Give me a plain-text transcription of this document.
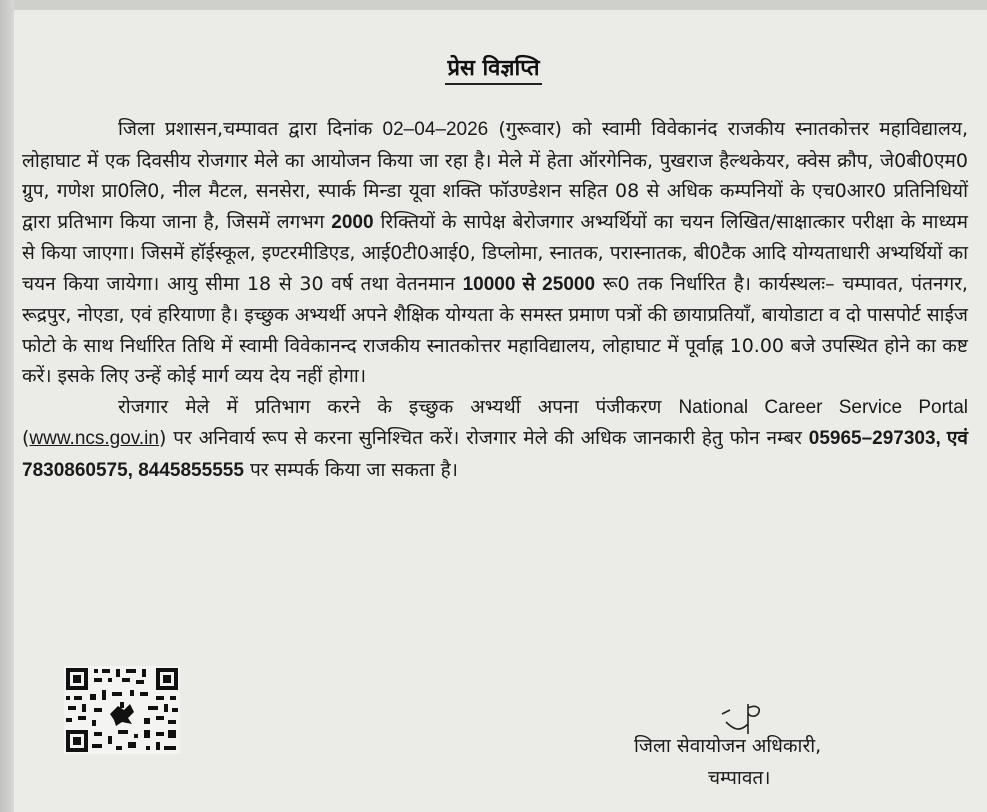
प्रेस विज्ञप्ति

जिला प्रशासन,चम्पावत द्वारा दिनांक 02–04–2026 (गुरूवार) को स्वामी विवेकानंद राजकीय स्नातकोत्तर महाविद्यालय, लोहाघाट में एक दिवसीय रोजगार मेले का आयोजन किया जा रहा है। मेले में हेता ऑरगेनिक, पुखराज हैल्थकेयर, क्वेस क्रौप, जे0बी0एम0 ग्रुप, गणेश प्रा0लि0, नील मैटल, सनसेरा, स्पार्क मिन्डा यूवा शक्ति फॉउण्डेशन सहित 08 से अधिक कम्पनियों के एच0आर0 प्रतिनिधियों द्वारा प्रतिभाग किया जाना है, जिसमें लगभग 2000 रिक्तियों के सापेक्ष बेरोजगार अभ्यर्थियों का चयन लिखित/साक्षात्कार परीक्षा के माध्यम से किया जाएगा। जिसमें हॉईस्कूल, इण्टरमीडिएड, आई0टी0आई0, डिप्लोमा, स्नातक, परास्नातक, बी0टैक आदि योग्यताधारी अभ्यर्थियों का चयन किया जायेगा। आयु सीमा 18 से 30 वर्ष तथा वेतनमान 10000 से 25000 रू0 तक निर्धारित है। कार्यस्थलः– चम्पावत, पंतनगर, रूद्रपुर, नोएडा, एवं हरियाणा है। इच्छुक अभ्यर्थी अपने शैक्षिक योग्यता के समस्त प्रमाण पत्रों की छायाप्रतियाँ, बायोडाटा व दो पासपोर्ट साईज फोटो के साथ निर्धारित तिथि में स्वामी विवेकानन्द राजकीय स्नातकोत्तर महाविद्यालय, लोहाघाट में पूर्वाह्न 10.00 बजे उपस्थित होने का कष्ट करें। इसके लिए उन्हें कोई मार्ग व्यय देय नहीं होगा।

रोजगार मेले में प्रतिभाग करने के इच्छुक अभ्यर्थी अपना पंजीकरण National Career Service Portal (www.ncs.gov.in) पर अनिवार्य रूप से करना सुनिश्चित करें। रोजगार मेले की अधिक जानकारी हेतु फोन नम्बर 05965–297303, एवं 7830860575, 8445855555 पर सम्पर्क किया जा सकता है।

जिला सेवायोजन अधिकारी,
चम्पावत।
